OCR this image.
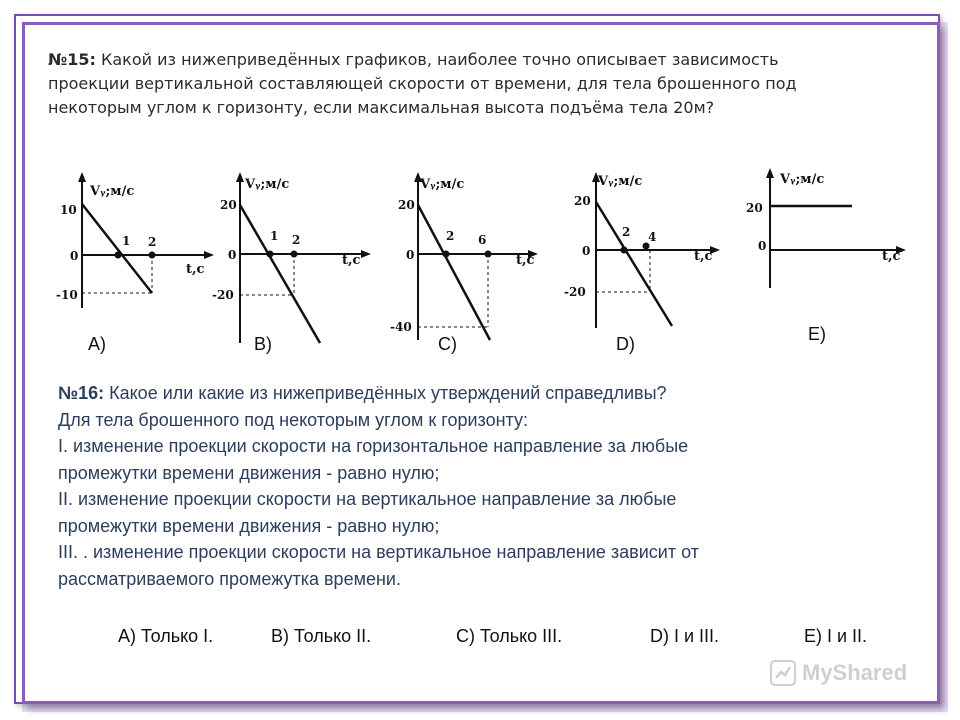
№15: Какой из нижеприведённых графиков, наиболее точно описывает зависимость проекции вертикальной составляющей скорости от времени, для тела брошенного под некоторым углом к горизонту, если максимальная высота подъёма тела 20м?
Vᵧ;м/с
t,c
10
0
-10
1 2
A)
Vᵧ;м/с
t,c
20
0
-20
1 2
B)
Vᵧ;м/с
t,c
20
0
-40
2 6
C)
Vᵧ;м/с
t,c
20
0
-20
2 4
D)
Vᵧ;м/с
t,c
20
0
E)
№16: Какое или какие из нижеприведённых утверждений справедливы?
Для тела брошенного под некоторым углом к горизонту:
I. изменение проекции скорости на горизонтальное направление за любые
промежутки времени движения - равно нулю;
II. изменение проекции скорости на вертикальное направление за любые
промежутки времени движения - равно нулю;
III. . изменение проекции скорости на вертикальное направление зависит от
рассматриваемого промежутка времени.
A) Только I.	B) Только II.	C) Только III.	D) I и III.	E) I и II.
MyShared
